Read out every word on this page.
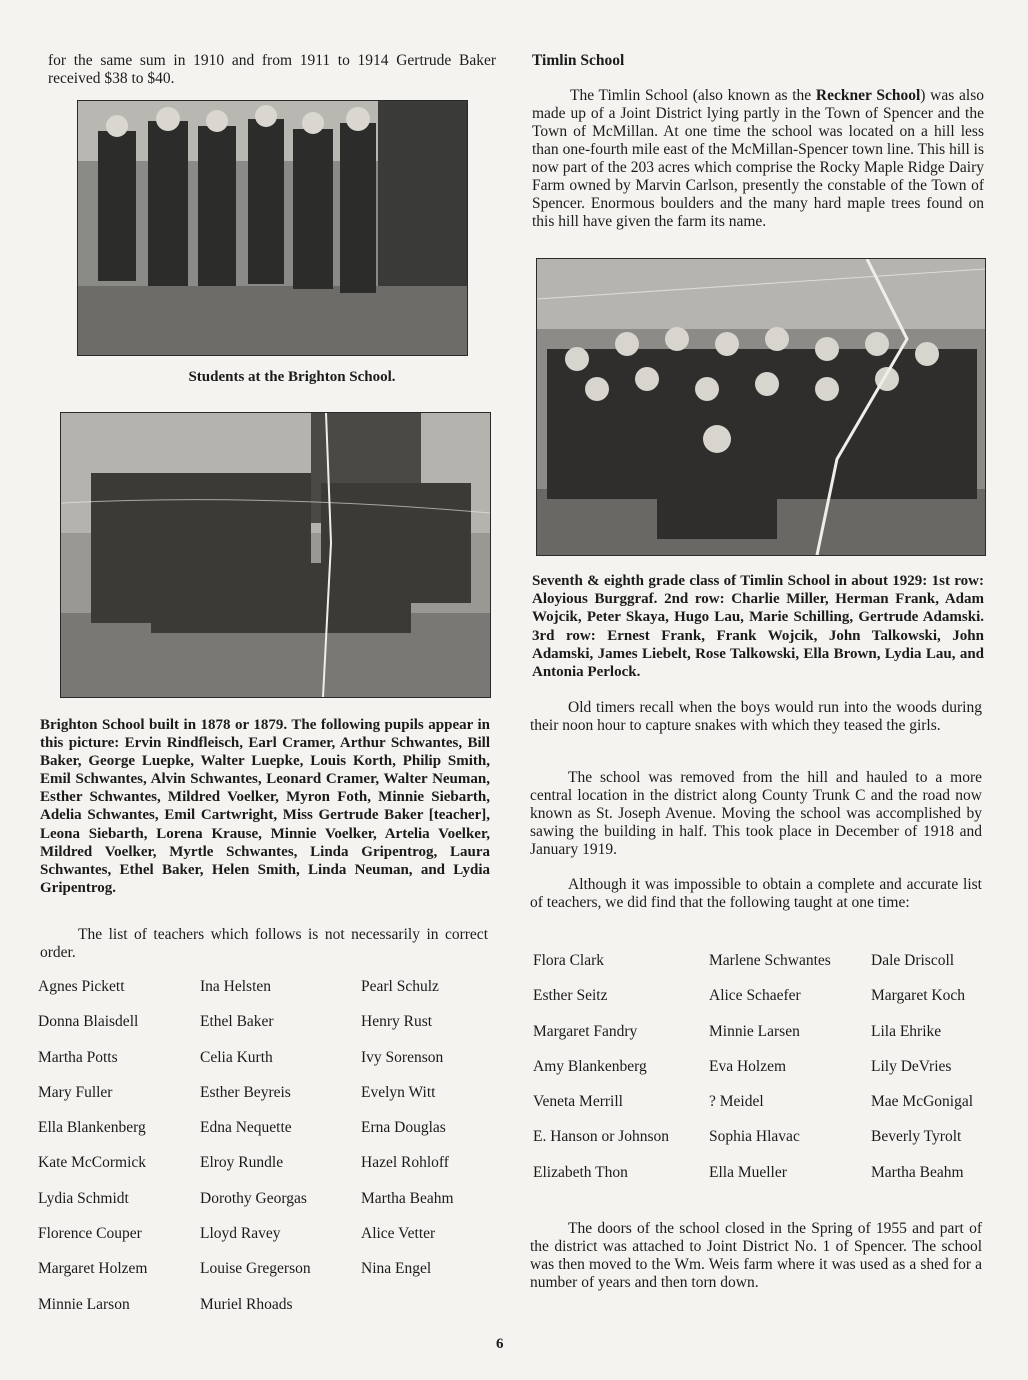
for the same sum in 1910 and from 1911 to 1914 Gertrude Baker received $38 to $40.

Students at the Brighton School.

Brighton School built in 1878 or 1879. The following pupils appear in this picture: Ervin Rindfleisch, Earl Cramer, Arthur Schwantes, Bill Baker, George Luepke, Walter Luepke, Louis Korth, Philip Smith, Emil Schwantes, Alvin Schwantes, Leonard Cramer, Walter Neuman, Esther Schwantes, Mildred Voelker, Myron Foth, Minnie Siebarth, Adelia Schwantes, Emil Cartwright, Miss Gertrude Baker [teacher], Leona Siebarth, Lorena Krause, Minnie Voelker, Artelia Voelker, Mildred Voelker, Myrtle Schwantes, Linda Gripentrog, Laura Schwantes, Ethel Baker, Helen Smith, Linda Neuman, and Lydia Gripentrog.

The list of teachers which follows is not necessarily in correct order.

Agnes Pickett
Donna Blaisdell
Martha Potts
Mary Fuller
Ella Blankenberg
Kate McCormick
Lydia Schmidt
Florence Couper
Margaret Holzem
Minnie Larson
Ina Helsten
Ethel Baker
Celia Kurth
Esther Beyreis
Edna Nequette
Elroy Rundle
Dorothy Georgas
Lloyd Ravey
Louise Gregerson
Muriel Rhoads
Pearl Schulz
Henry Rust
Ivy Sorenson
Evelyn Witt
Erna Douglas
Hazel Rohloff
Martha Beahm
Alice Vetter
Nina Engel
Timlin School

The Timlin School (also known as the Reckner School) was also made up of a Joint District lying partly in the Town of Spencer and the Town of McMillan. At one time the school was located on a hill less than one-fourth mile east of the McMillan-Spencer town line. This hill is now part of the 203 acres which comprise the Rocky Maple Ridge Dairy Farm owned by Marvin Carlson, presently the constable of the Town of Spencer. Enormous boulders and the many hard maple trees found on this hill have given the farm its name.

Seventh & eighth grade class of Timlin School in about 1929: 1st row: Aloyious Burggraf. 2nd row: Charlie Miller, Herman Frank, Adam Wojcik, Peter Skaya, Hugo Lau, Marie Schilling, Gertrude Adamski. 3rd row: Ernest Frank, Frank Wojcik, John Talkowski, John Adamski, James Liebelt, Rose Talkowski, Ella Brown, Lydia Lau, and Antonia Perlock.

Old timers recall when the boys would run into the woods during their noon hour to capture snakes with which they teased the girls.

The school was removed from the hill and hauled to a more central location in the district along County Trunk C and the road now known as St. Joseph Avenue. Moving the school was accomplished by sawing the building in half. This took place in December of 1918 and January 1919.

Although it was impossible to obtain a complete and accurate list of teachers, we did find that the following taught at one time:

Flora Clark
Esther Seitz
Margaret Fandry
Amy Blankenberg
Veneta Merrill
E. Hanson or Johnson
Elizabeth Thon
Marlene Schwantes
Alice Schaefer
Minnie Larsen
Eva Holzem
? Meidel
Sophia Hlavac
Ella Mueller
Dale Driscoll
Margaret Koch
Lila Ehrike
Lily DeVries
Mae McGonigal
Beverly Tyrolt
Martha Beahm

The doors of the school closed in the Spring of 1955 and part of the district was attached to Joint District No. 1 of Spencer. The school was then moved to the Wm. Weis farm where it was used as a shed for a number of years and then torn down.

6
